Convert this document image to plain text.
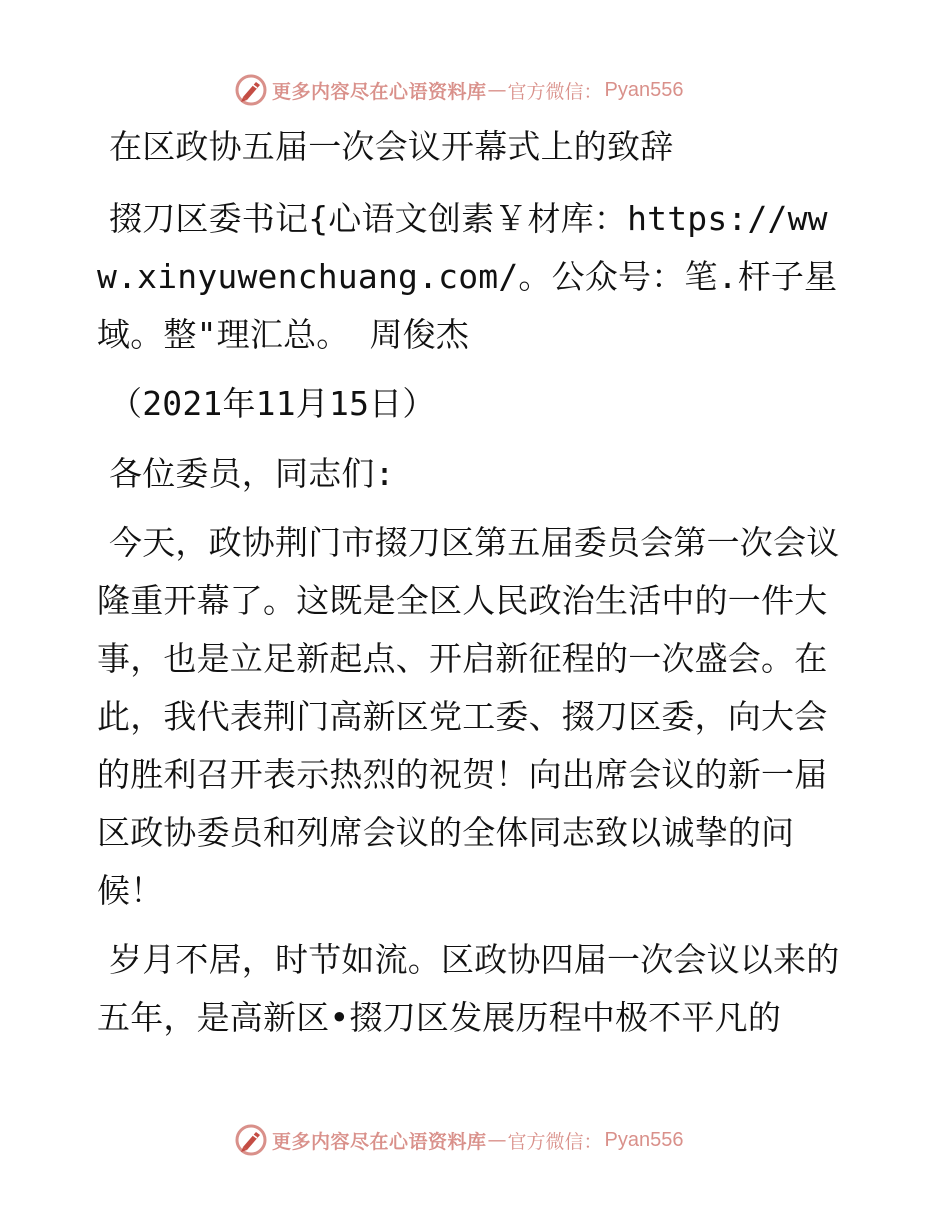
更多内容尽在心语资料库 — 官方微信： Pyan556

在区政协五届一次会议开幕式上的致辞

掇刀区委书记{心语文创素￥材库：https://www.xinyuwenchuang.com/。公众号：笔.杆子星域。整"理汇总。 周俊杰

（2021年11月15日）

各位委员，同志们:

今天，政协荆门市掇刀区第五届委员会第一次会议隆重开幕了。这既是全区人民政治生活中的一件大事，也是立足新起点、开启新征程的一次盛会。在此，我代表荆门高新区党工委、掇刀区委，向大会的胜利召开表示热烈的祝贺！向出席会议的新一届区政协委员和列席会议的全体同志致以诚挚的问候！

岁月不居，时节如流。区政协四届一次会议以来的五年，是高新区•掇刀区发展历程中极不平凡的

更多内容尽在心语资料库 — 官方微信： Pyan556
